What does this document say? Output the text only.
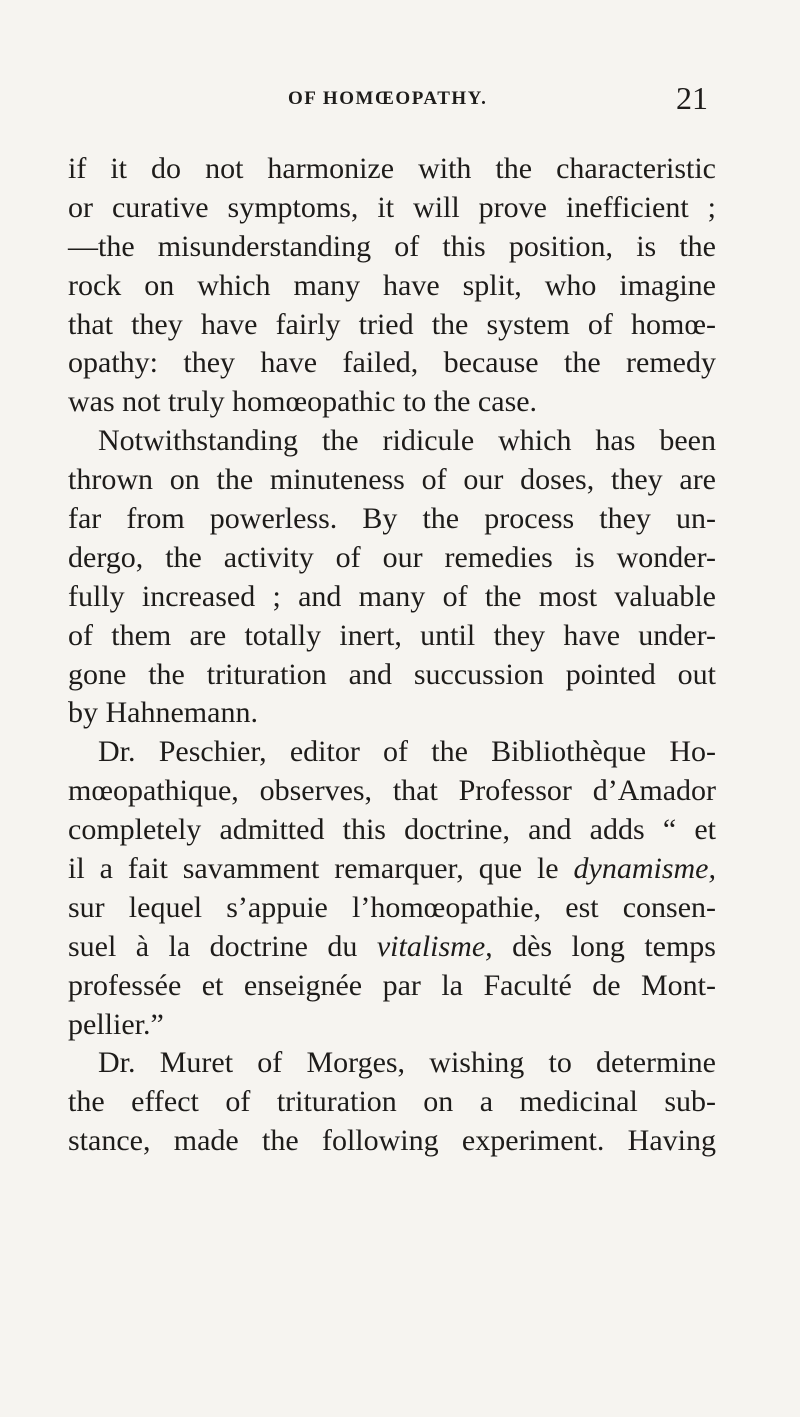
OF HOMŒOPATHY.	21
if it do not harmonize with the characteristic
or curative symptoms, it will prove inefficient ;
—the misunderstanding of this position, is the
rock on which many have split, who imagine
that they have fairly tried the system of homœ-
opathy: they have failed, because the remedy
was not truly homœopathic to the case.
Notwithstanding the ridicule which has been
thrown on the minuteness of our doses, they are
far from powerless. By the process they un-
dergo, the activity of our remedies is wonder-
fully increased ; and many of the most valuable
of them are totally inert, until they have under-
gone the trituration and succussion pointed out
by Hahnemann.
Dr. Peschier, editor of the Bibliothèque Ho-
mœopathique, observes, that Professor d’Amador
completely admitted this doctrine, and adds “ et
il a fait savamment remarquer, que le dynamisme,
sur lequel s’appuie l’homœopathie, est consen-
suel à la doctrine du vitalisme, dès long temps
professée et enseignée par la Faculté de Mont-
pellier.”
Dr. Muret of Morges, wishing to determine
the effect of trituration on a medicinal sub-
stance, made the following experiment. Having
